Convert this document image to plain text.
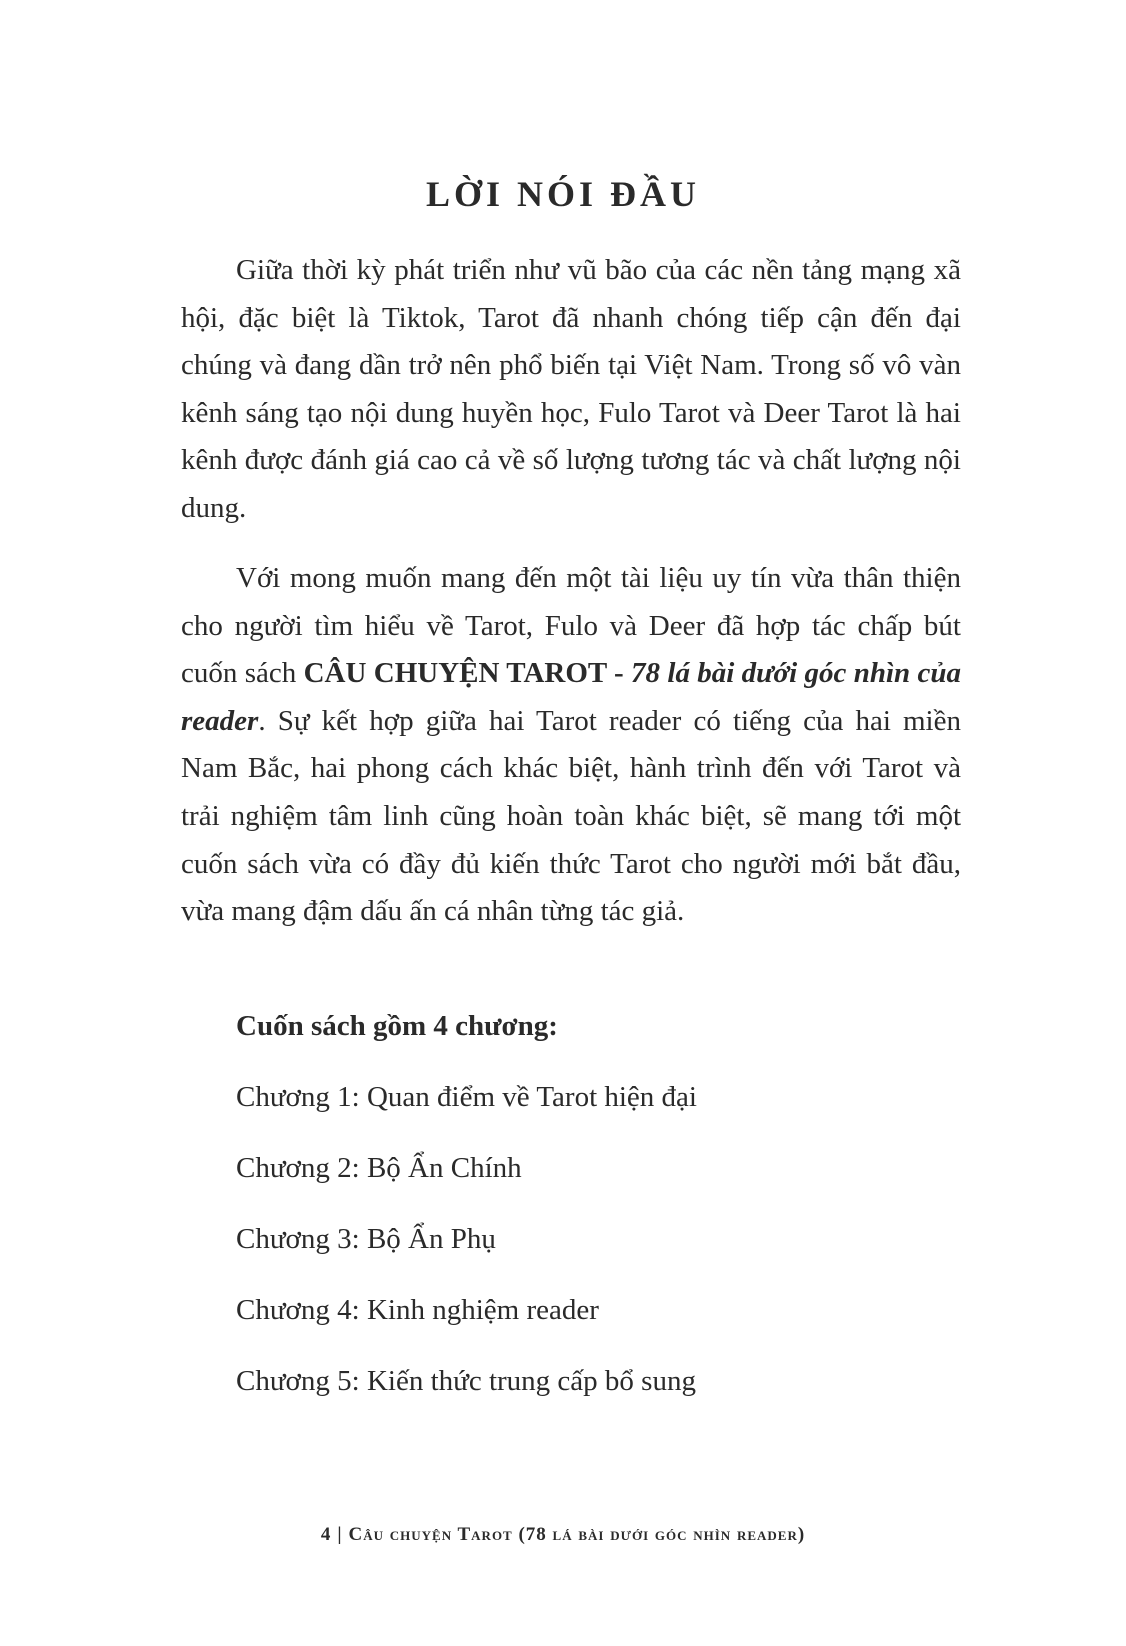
LỜI NÓI ĐẦU

Giữa thời kỳ phát triển như vũ bão của các nền tảng mạng xã hội, đặc biệt là Tiktok, Tarot đã nhanh chóng tiếp cận đến đại chúng và đang dần trở nên phổ biến tại Việt Nam. Trong số vô vàn kênh sáng tạo nội dung huyền học, Fulo Tarot và Deer Tarot là hai kênh được đánh giá cao cả về số lượng tương tác và chất lượng nội dung.

Với mong muốn mang đến một tài liệu uy tín vừa thân thiện cho người tìm hiểu về Tarot, Fulo và Deer đã hợp tác chấp bút cuốn sách CÂU CHUYỆN TAROT - 78 lá bài dưới góc nhìn của reader. Sự kết hợp giữa hai Tarot reader có tiếng của hai miền Nam Bắc, hai phong cách khác biệt, hành trình đến với Tarot và trải nghiệm tâm linh cũng hoàn toàn khác biệt, sẽ mang tới một cuốn sách vừa có đầy đủ kiến thức Tarot cho người mới bắt đầu, vừa mang đậm dấu ấn cá nhân từng tác giả.

Cuốn sách gồm 4 chương:

Chương 1: Quan điểm về Tarot hiện đại

Chương 2: Bộ Ẩn Chính

Chương 3: Bộ Ẩn Phụ

Chương 4: Kinh nghiệm reader

Chương 5: Kiến thức trung cấp bổ sung

4 | Câu chuyện Tarot (78 lá bài dưới góc nhìn reader)
